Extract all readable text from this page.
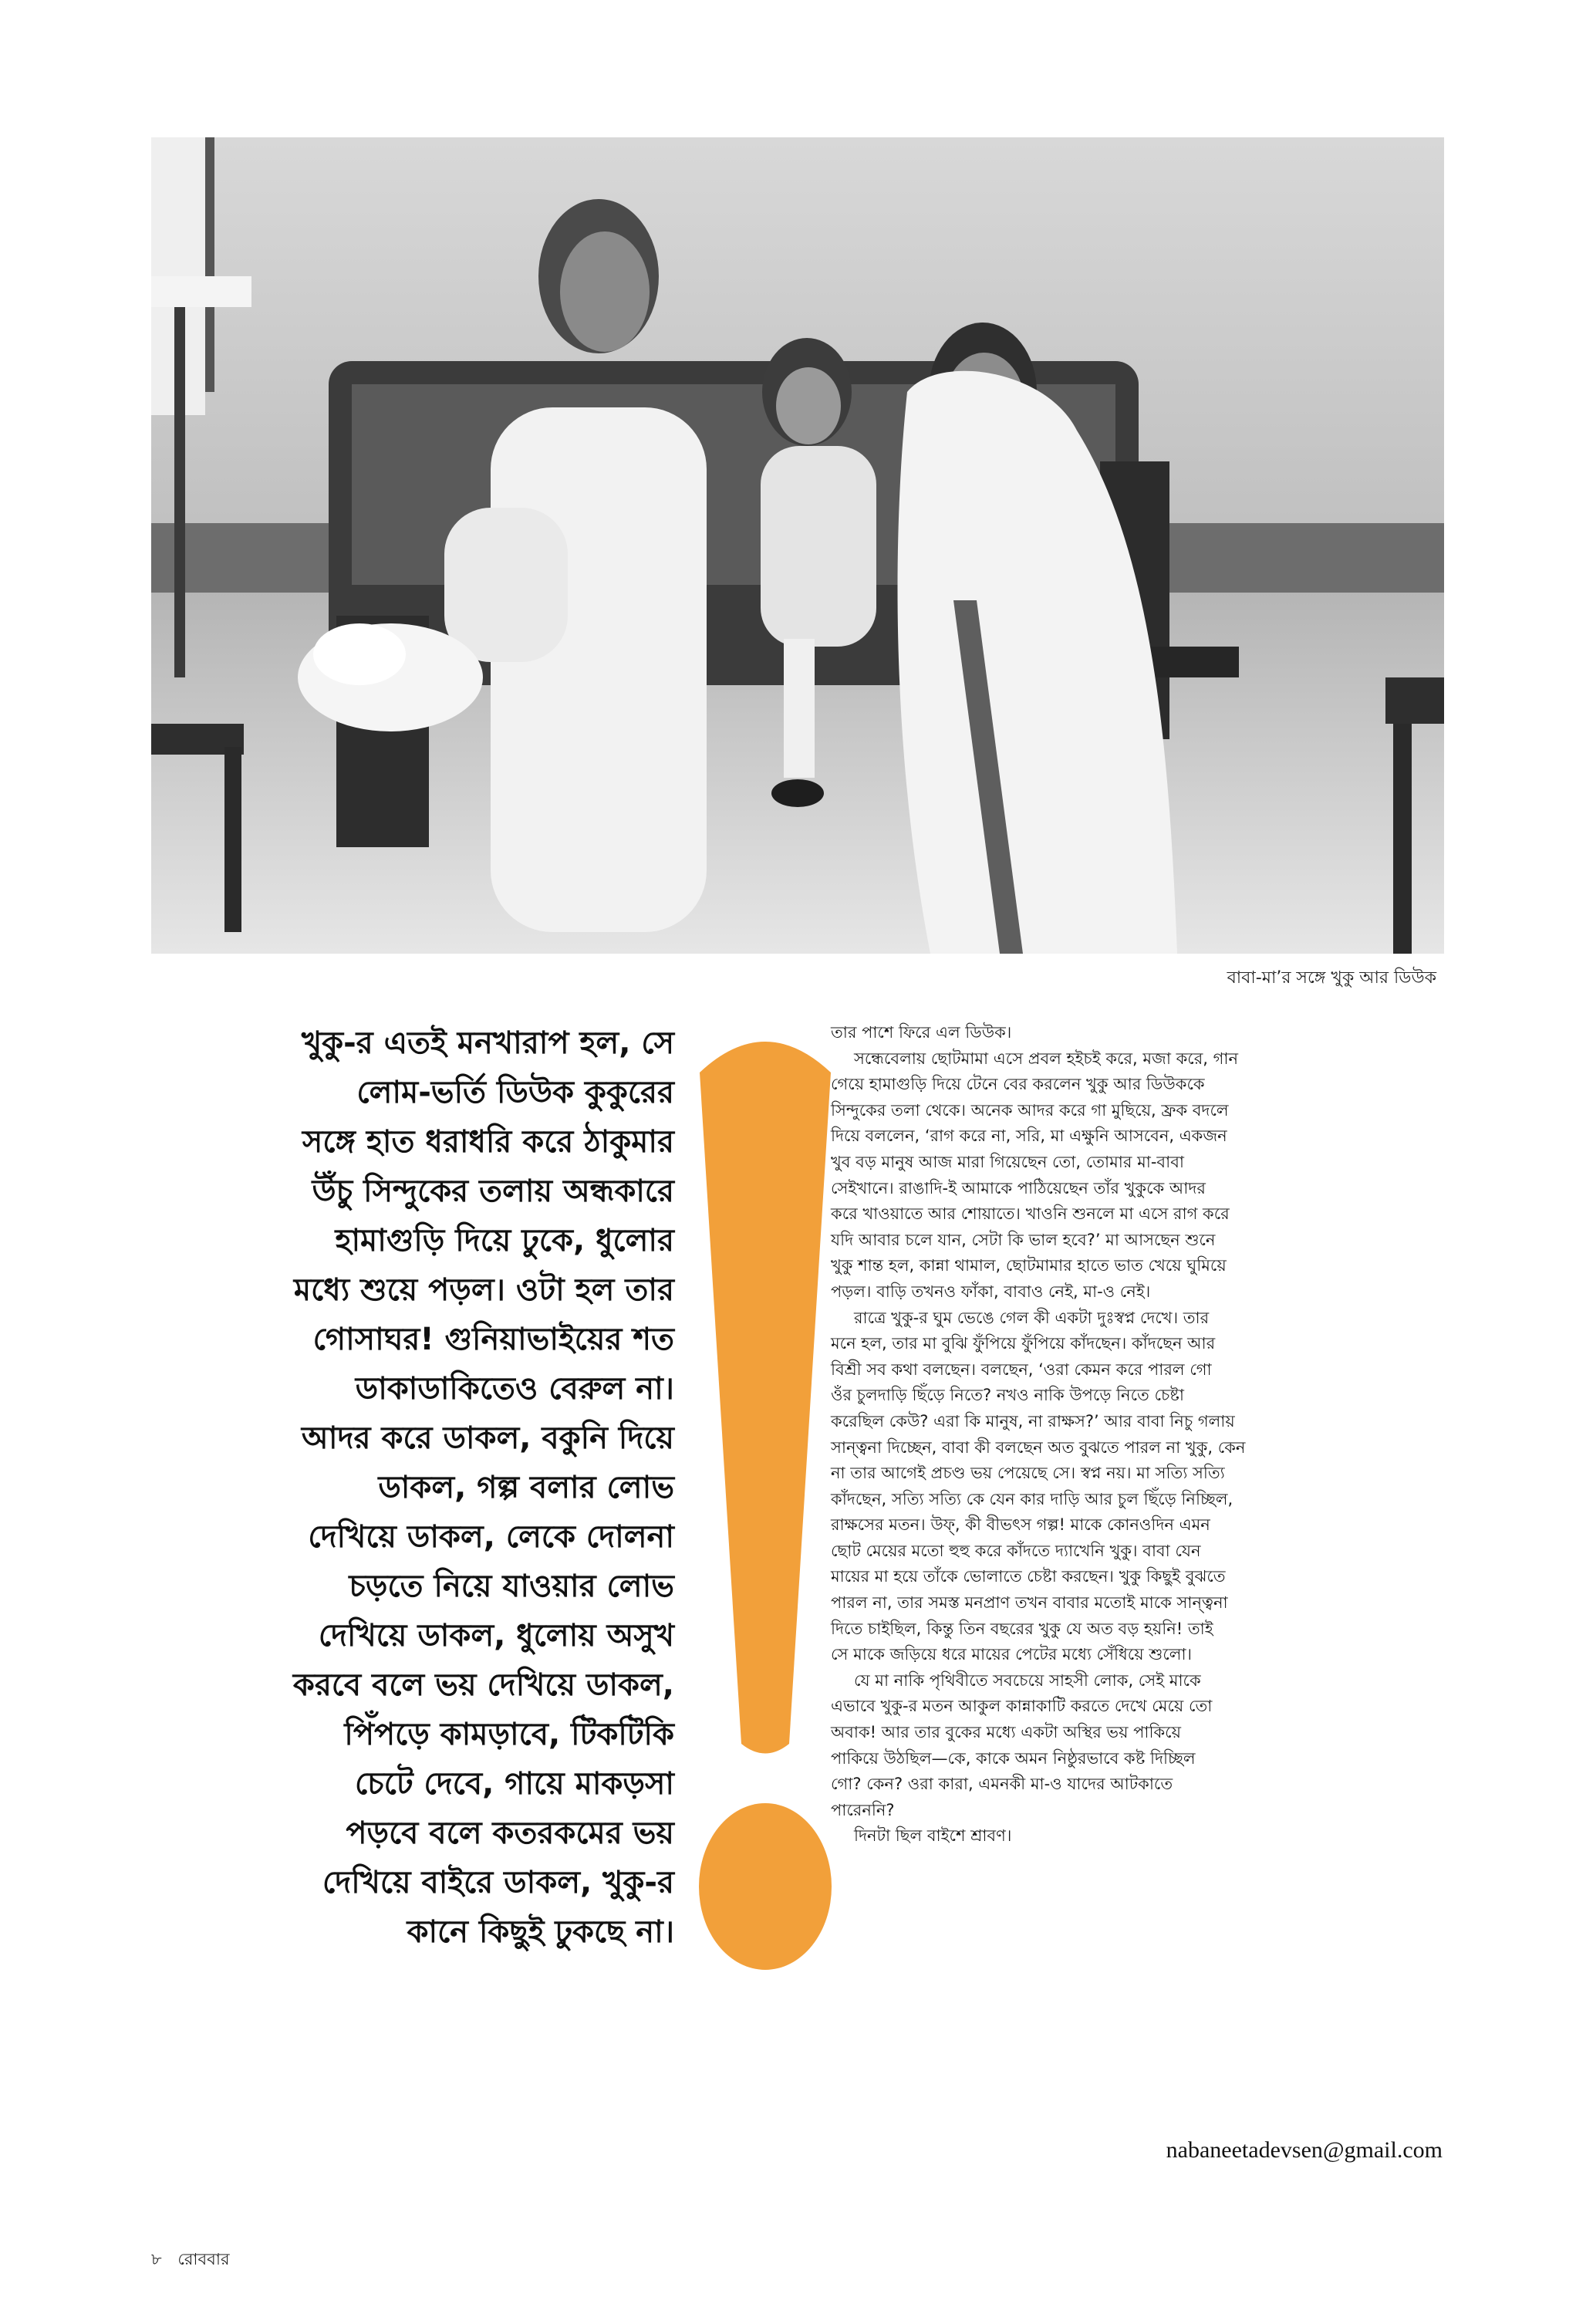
বাবা-মা’র সঙ্গে খুকু আর ডিউক

খুকু-র এতই মনখারাপ হল, সে
লোম-ভর্তি ডিউক কুকুরের
সঙ্গে হাত ধরাধরি করে ঠাকুমার
উঁচু সিন্দুকের তলায় অন্ধকারে
হামাগুড়ি দিয়ে ঢুকে, ধুলোর
মধ্যে শুয়ে পড়ল। ওটা হল তার
গোসাঘর! গুনিয়াভাইয়ের শত
ডাকাডাকিতেও বেরুল না।
আদর করে ডাকল, বকুনি দিয়ে
ডাকল, গল্প বলার লোভ
দেখিয়ে ডাকল, লেকে দোলনা
চড়তে নিয়ে যাওয়ার লোভ
দেখিয়ে ডাকল, ধুলোয় অসুখ
করবে বলে ভয় দেখিয়ে ডাকল,
পিঁপড়ে কামড়াবে, টিকটিকি
চেটে দেবে, গায়ে মাকড়সা
পড়বে বলে কতরকমের ভয়
দেখিয়ে বাইরে ডাকল, খুকু-র
কানে কিছুই ঢুকছে না।

তার পাশে ফিরে এল ডিউক।
সন্ধেবেলায় ছোটমামা এসে প্রবল হইচই করে, মজা করে, গান
গেয়ে হামাগুড়ি দিয়ে টেনে বের করলেন খুকু আর ডিউককে
সিন্দুকের তলা থেকে। অনেক আদর করে গা মুছিয়ে, ফ্রক বদলে
দিয়ে বললেন, ‘রাগ করে না, সরি, মা এক্ষুনি আসবেন, একজন
খুব বড় মানুষ আজ মারা গিয়েছেন তো, তোমার মা-বাবা
সেইখানে। রাঙাদি-ই আমাকে পাঠিয়েছেন তাঁর খুকুকে আদর
করে খাওয়াতে আর শোয়াতে। খাওনি শুনলে মা এসে রাগ করে
যদি আবার চলে যান, সেটা কি ভাল হবে?’ মা আসছেন শুনে
খুকু শান্ত হল, কান্না থামাল, ছোটমামার হাতে ভাত খেয়ে ঘুমিয়ে
পড়ল। বাড়ি তখনও ফাঁকা, বাবাও নেই, মা-ও নেই।
রাত্রে খুকু-র ঘুম ভেঙে গেল কী একটা দুঃস্বপ্ন দেখে। তার
মনে হল, তার মা বুঝি ফুঁপিয়ে ফুঁপিয়ে কাঁদছেন। কাঁদছেন আর
বিশ্রী সব কথা বলছেন। বলছেন, ‘ওরা কেমন করে পারল গো
ওঁর চুলদাড়ি ছিঁড়ে নিতে? নখও নাকি উপড়ে নিতে চেষ্টা
করেছিল কেউ? এরা কি মানুষ, না রাক্ষস?’ আর বাবা নিচু গলায়
সান্ত্বনা দিচ্ছেন, বাবা কী বলছেন অত বুঝতে পারল না খুকু, কেন
না তার আগেই প্রচণ্ড ভয় পেয়েছে সে। স্বপ্ন নয়। মা সত্যি সত্যি
কাঁদছেন, সত্যি সত্যি কে যেন কার দাড়ি আর চুল ছিঁড়ে নিচ্ছিল,
রাক্ষসের মতন। উফ্‌, কী বীভৎস গল্প! মাকে কোনওদিন এমন
ছোট মেয়ের মতো হুহু করে কাঁদতে দ্যাখেনি খুকু। বাবা যেন
মায়ের মা হয়ে তাঁকে ভোলাতে চেষ্টা করছেন। খুকু কিছুই বুঝতে
পারল না, তার সমস্ত মনপ্রাণ তখন বাবার মতোই মাকে সান্ত্বনা
দিতে চাইছিল, কিন্তু তিন বছরের খুকু যে অত বড় হয়নি! তাই
সে মাকে জড়িয়ে ধরে মায়ের পেটের মধ্যে সেঁধিয়ে শুলো।
যে মা নাকি পৃথিবীতে সবচেয়ে সাহসী লোক, সেই মাকে
এভাবে খুকু-র মতন আকুল কান্নাকাটি করতে দেখে মেয়ে তো
অবাক! আর তার বুকের মধ্যে একটা অস্থির ভয় পাকিয়ে
পাকিয়ে উঠছিল—কে, কাকে অমন নিষ্ঠুরভাবে কষ্ট দিচ্ছিল
গো? কেন? ওরা কারা, এমনকী মা-ও যাদের আটকাতে
পারেননি?
দিনটা ছিল বাইশে শ্রাবণ।
nabaneetadevsen@gmail.com
৮ রোববার
